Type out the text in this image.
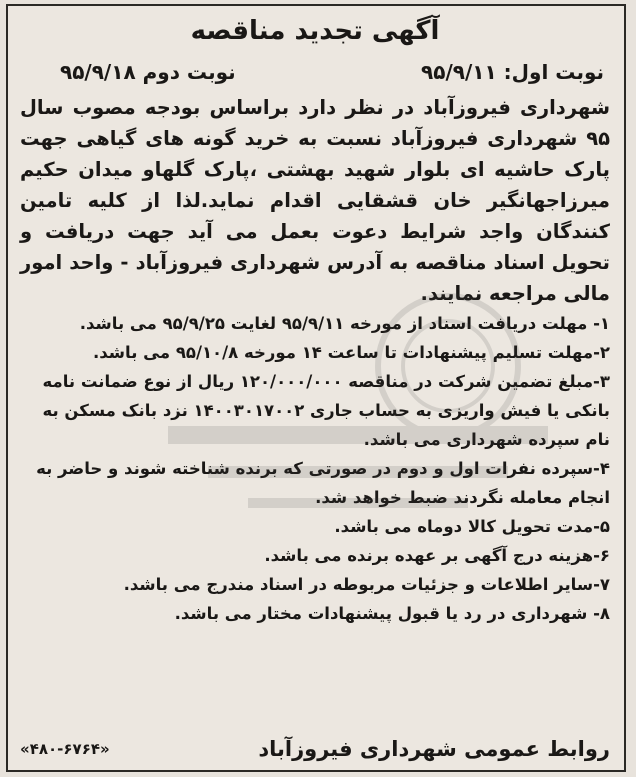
آگهی تجدید مناقصه
نوبت اول: ۹۵/۹/۱۱
نوبت دوم ۹۵/۹/۱۸

شهرداری فیروزآباد در نظر دارد براساس بودجه مصوب سال ۹۵ شهرداری فیروزآباد نسبت به خرید گونه های گیاهی جهت پارک حاشیه ای بلوار شهید بهشتی ،پارک گلهاو میدان حکیم میرزاجهانگیر خان قشقایی اقدام نماید.لذا از کلیه تامین کنندگان واجد شرایط دعوت بعمل می آید جهت دریافت و تحویل اسناد مناقصه به آدرس شهرداری فیروزآباد - واحد امور مالی مراجعه نمایند.

۱- مهلت دریافت اسناد از مورخه ۹۵/۹/۱۱ لغایت ۹۵/۹/۲۵ می باشد.
۲-مهلت تسلیم پیشنهادات تا ساعت ۱۴ مورخه ۹۵/۱۰/۸ می باشد.
۳-مبلغ تضمین شرکت در مناقصه ۱۲۰/۰۰۰/۰۰۰ ریال از نوع ضمانت نامه بانکی یا فیش واریزی به حساب جاری ۱۴۰۰۳۰۱۷۰۰۲ نزد بانک مسکن به نام سپرده شهرداری می باشد.
۴-سپرده نفرات اول و دوم در صورتی که برنده شناخته شوند و حاضر به انجام معامله نگردند ضبط خواهد شد.
۵-مدت تحویل کالا دوماه می باشد.
۶-هزینه درج آگهی بر عهده برنده می باشد.
۷-سایر اطلاعات و جزئیات مربوطه در اسناد مندرج می باشد.
۸- شهرداری در رد یا قبول پیشنهادات مختار می باشد.
روابط عمومی شهرداری فیروزآباد
«۴۸۰-۶۷۶۴»
